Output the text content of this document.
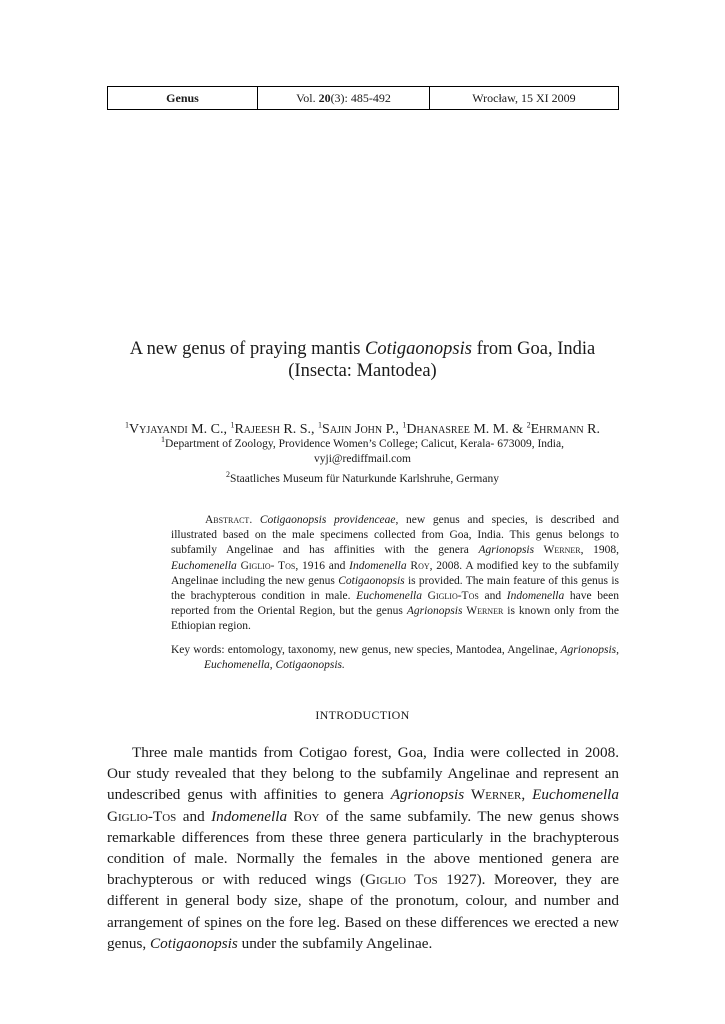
Genus	Vol. 20(3): 485-492	Wrocław, 15 XI 2009
A new genus of praying mantis Cotigaonopsis from Goa, India
(Insecta: Mantodea)
$^1$Vyjayandi M. C., $^1$Rajeesh R. S., $^1$Sajin John P., $^1$Dhanasree M. M. & $^2$Ehrmann R.
$^1$Department of Zoology, Providence Women’s College; Calicut, Kerala- 673009, India,
vyji@rediffmail.com
$^2$Staatliches Museum für Naturkunde Karlshruhe, Germany
Abstract. Cotigaonopsis providenceae, new genus and species, is described and illustrated based on the male specimens collected from Goa, India. This genus belongs to subfamily Angelinae and has affinities with the genera Agrionopsis Werner, 1908, Euchomenella Giglio- Tos, 1916 and Indomenella Roy, 2008. A modified key to the subfamily Angelinae including the new genus Cotigaonopsis is provided. The main feature of this genus is the brachypterous condition in male. Euchomenella Giglio-Tos and Indomenella have been reported from the Oriental Region, but the genus Agrionopsis Werner is known only from the Ethiopian region.
Key words: entomology, taxonomy, new genus, new species, Mantodea, Angelinae, Agrionopsis, Euchomenella, Cotigaonopsis.
INTRODUCTION
Three male mantids from Cotigao forest, Goa, India were collected in 2008. Our study revealed that they belong to the subfamily Angelinae and represent an undescribed genus with affinities to genera Agrionopsis Werner, Euchomenella Giglio-Tos and Indomenella Roy of the same subfamily. The new genus shows remarkable differences from these three genera particularly in the brachypterous condition of male. Normally the females in the above mentioned genera are brachypterous or with reduced wings (Giglio Tos 1927). Moreover, they are different in general body size, shape of the pronotum, colour, and number and arrangement of spines on the fore leg. Based on these differences we erected a new genus, Cotigaonopsis under the subfamily Angelinae.
